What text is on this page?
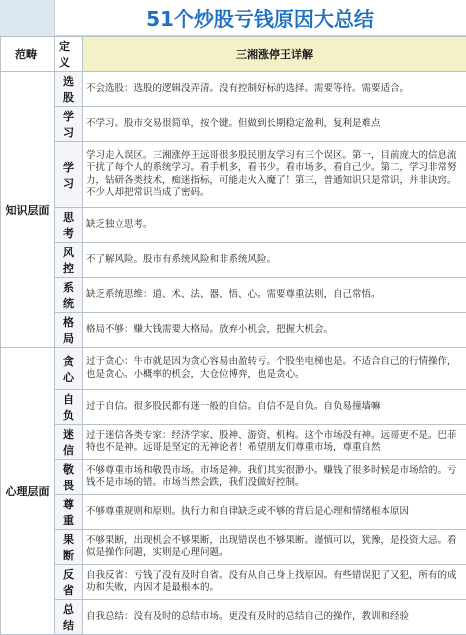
51个炒股亏钱原因大总结
范畴	定义	三湘涨停王详解
知识层面	选股	不会选股：选股的逻辑没弄清。没有控制好标的选择。需要等待。需要适合。
	学习	不学习。股市交易很简单，按个键。但做到长期稳定盈利，复利是难点
	学习	学习走入误区。三湘涨停王远哥很多股民朋友学习有三个误区。第一，目前庞大的信息流干扰了每个人的系统学习。看手机多，看书少。看市场多，看自己少。第二，学习非常努力，钻研各类技术，痴迷指标，可能走火入魔了！第三，普通知识只是常识，并非诀窍。不少人却把常识当成了密码。
	思考	缺乏独立思考。
	风控	不了解风险。股市有系统风险和非系统风险。
	系统	缺乏系统思维：道、术、法、器、悟、心。需要尊重法则，自己常悟。
	格局	格局不够：赚大钱需要大格局。放弃小机会，把握大机会。
心理层面	贪心	过于贪心：牛市就是因为贪心容易由盈转亏。个股坐电梯也是。不适合自己的行情操作，也是贪心。小概率的机会，大仓位博弈，也是贪心。
	自负	过于自信。很多股民都有迷一般的自信。自信不是自负。自负易撞墙嘛
	迷信	过于迷信各类专家：经济学家、股神、游资、机构。这个市场没有神。远哥更不是。巴菲特也不是神。远哥是坚定的无神论者！希望朋友们尊重市场，尊重自然
	敬畏	不够尊重市场和敬畏市场。市场是神。我们其实很渺小。赚钱了很多时候是市场给的。亏钱不是市场的错。市场当然会跌，我们没做好控制。
	尊重	不够尊重规则和原则。执行力和自律缺乏或不够的背后是心理和情绪根本原因
	果断	不够果断，出现机会不够果断，出现错误也不够果断。谨慎可以，犹豫，是投资大忌。看似是操作问题，实则是心理问题。
	反省	自我反省：亏钱了没有及时自省。没有从自己身上找原因。有些错误犯了又犯，所有的成功和失败，内因才是最根本的。
	总结	自我总结：没有及时的总结市场。更没有及时的总结自己的操作，教训和经验
